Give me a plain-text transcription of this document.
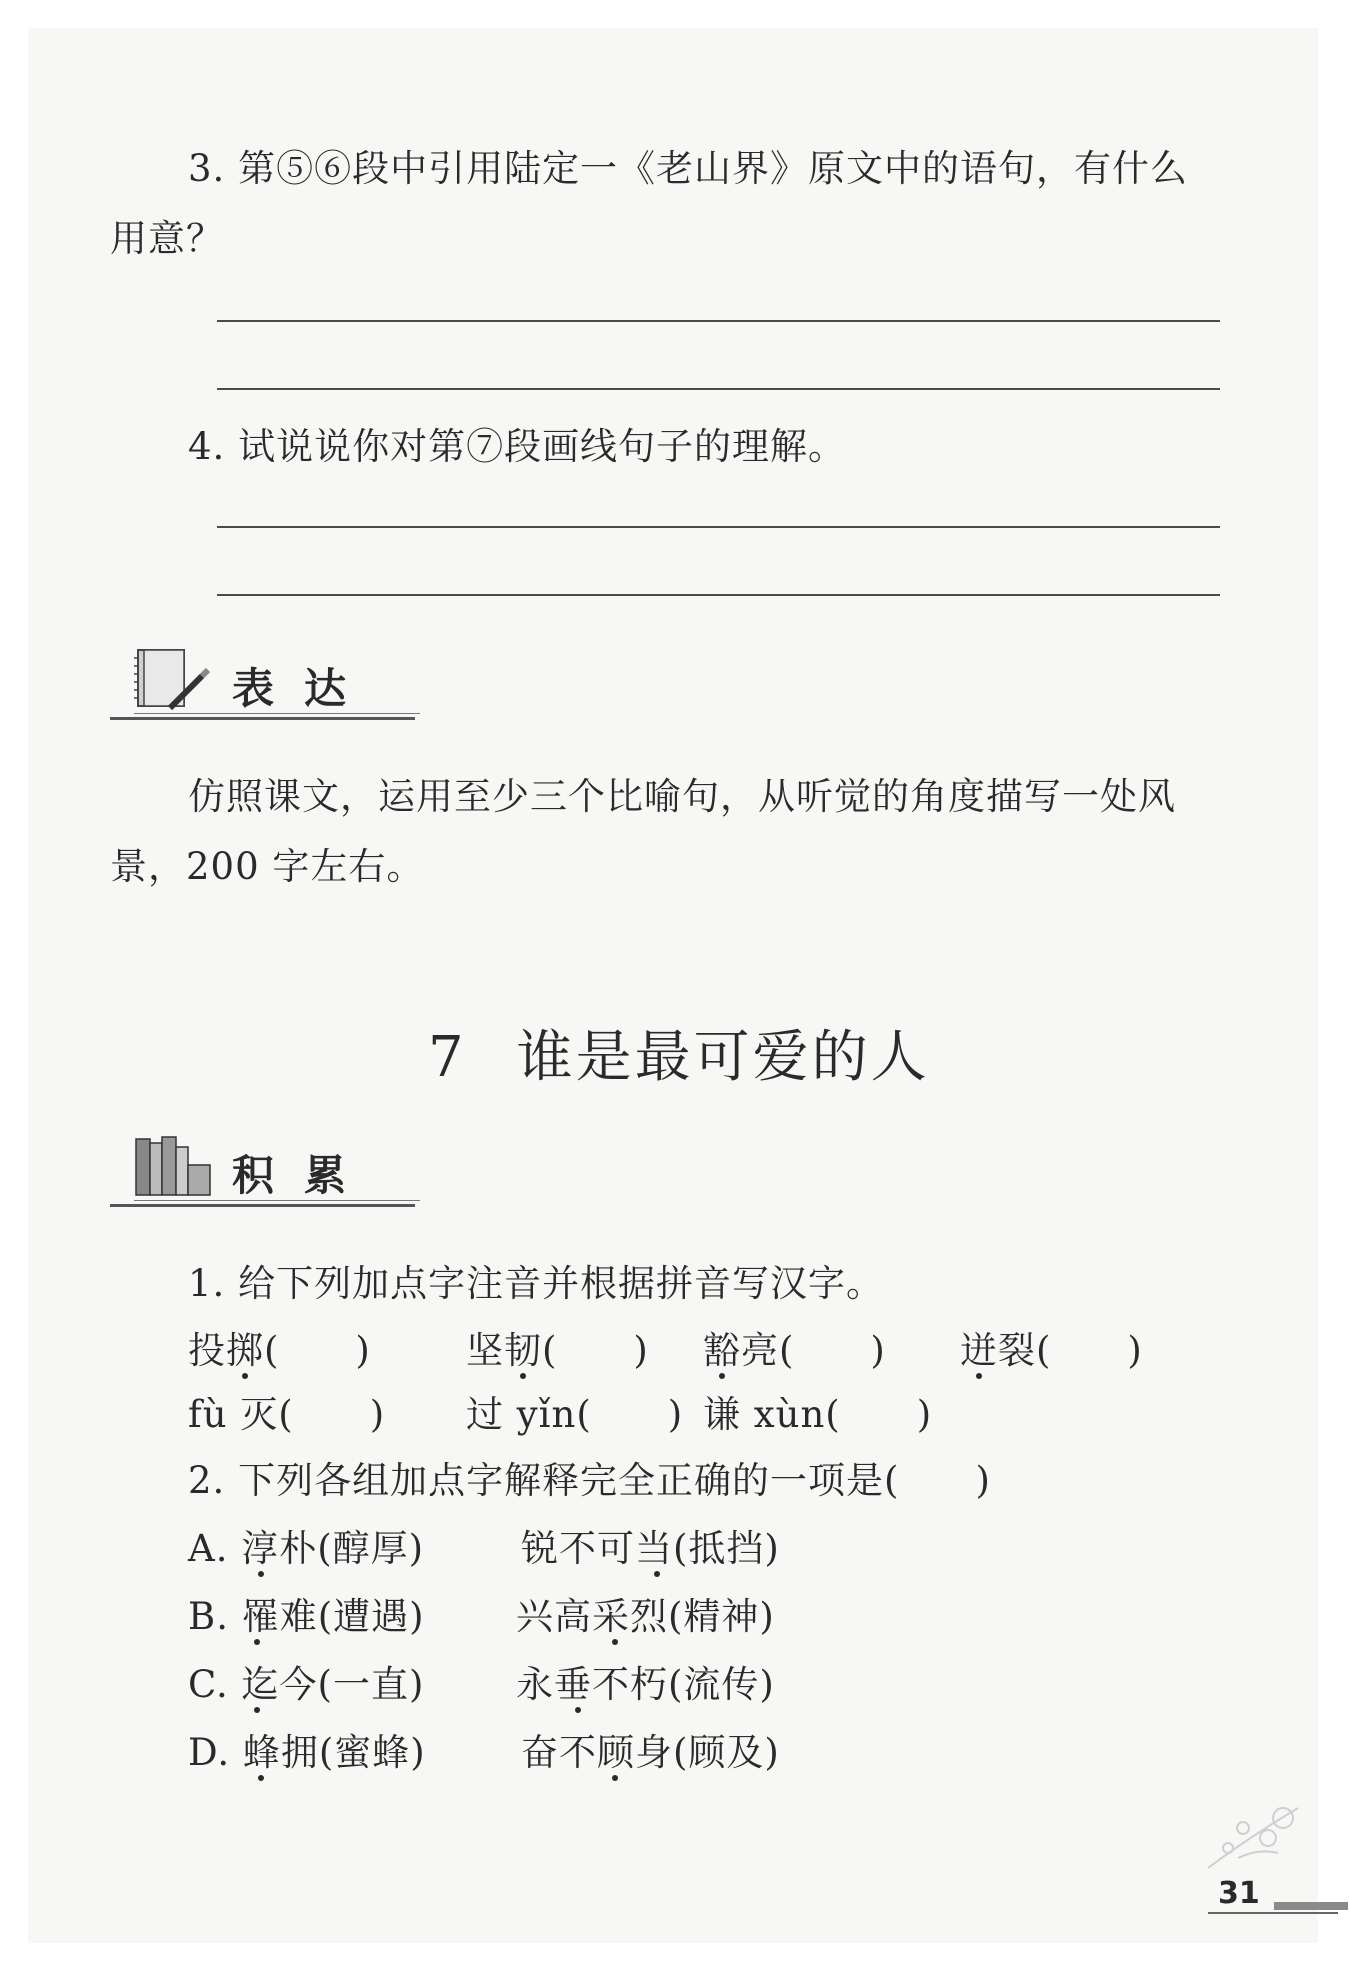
3. 第⑤⑥段中引用陆定一《老山界》原文中的语句，有什么
用意？
4. 试说说你对第⑦段画线句子的理解。
表达
仿照课文，运用至少三个比喻句，从听觉的角度描写一处风
景，200 字左右。
7 谁是最可爱的人
积累
1. 给下列加点字注音并根据拼音写汉字。
投掷(　　)	坚韧(　　) 豁亮(　　) 迸裂(　　)
fù 灭(　　) 过 yǐn(　　) 谦 xùn(　　)
2. 下列各组加点字解释完全正确的一项是(　　)
A. 淳朴(醇厚)	锐不可当(抵挡)
B. 罹难(遭遇) 兴高采烈(精神)
C. 迄今(一直) 永垂不朽(流传)
D. 蜂拥(蜜蜂)	奋不顾身(顾及)
31
